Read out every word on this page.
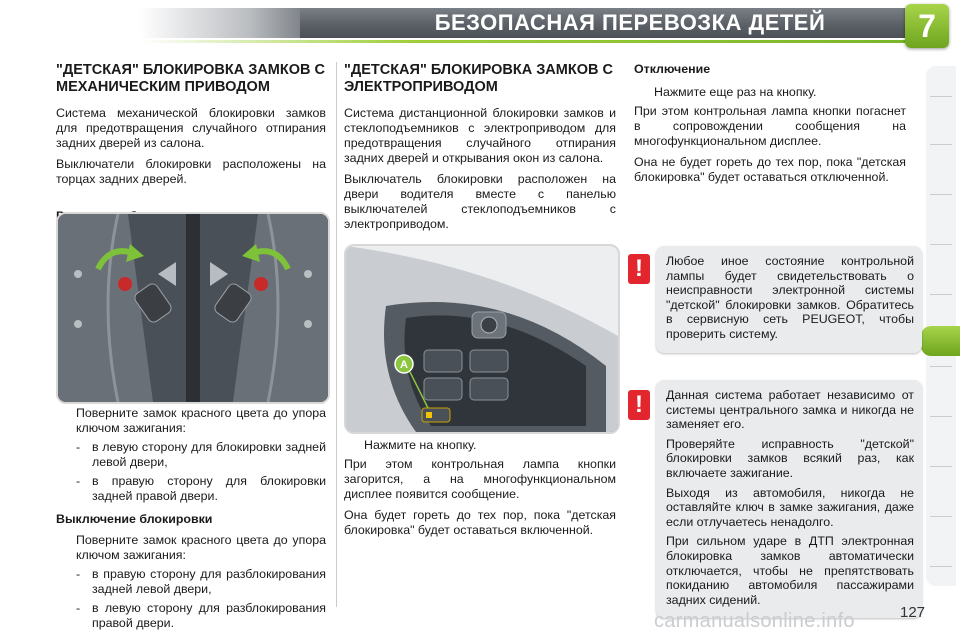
БЕЗОПАСНАЯ ПЕРЕВОЗКА ДЕТЕЙ	7
"ДЕТСКАЯ" БЛОКИРОВКА ЗАМКОВ С МЕХАНИЧЕСКИМ ПРИВОДОМ

Система механической блокировки замков для предотвращения случайного отпирания задних дверей из салона.

Выключатели блокировки расположены на торцах задних дверей.

Поверните замок красного цвета до упора ключом зажигания:
- в левую сторону для блокировки задней левой двери,
- в правую сторону для блокировки задней правой двери.
Выключение блокировки
Поверните замок красного цвета до упора ключом зажигания:
- в правую сторону для разблокирования задней левой двери,
- в левую сторону для разблокирования правой двери.
"ДЕТСКАЯ" БЛОКИРОВКА ЗАМКОВ С ЭЛЕКТРОПРИВОДОМ

Система дистанционной блокировки замков и стеклоподъемников с электроприводом для предотвращения случайного отпирания задних дверей и открывания окон из салона.

Выключатель блокировки расположен на двери водителя вместе с панелью выключателей стеклоподъемников с электроприводом.

A
Нажмите на кнопку.

При этом контрольная лампа кнопки загорится, а на многофункциональном дисплее появится сообщение.

Она будет гореть до тех пор, пока "детская блокировка" будет оставаться включенной.

Отключение
Нажмите еще раз на кнопку.

При этом контрольная лампа кнопки погаснет в сопровождении сообщения на многофункциональном дисплее.

Она не будет гореть до тех пор, пока "детская блокировка" будет оставаться отключенной.

!	Любое иное состояние контрольной лампы будет свидетельствовать о неисправности электронной системы "детской" блокировки замков. Обратитесь в сервисную сеть PEUGEOT, чтобы проверить систему.

!	Данная система работает независимо от системы центрального замка и никогда не заменяет его.

Проверяйте исправность "детской" блокировки замков всякий раз, как включаете зажигание.

Выходя из автомобиля, никогда не оставляйте ключ в замке зажигания, даже если отлучаетесь ненадолго.

При сильном ударе в ДТП электронная блокировка замков автоматически отключается, чтобы не препятствовать покиданию автомобиля пассажирами задних сидений.

carmanualsonline.info	127
